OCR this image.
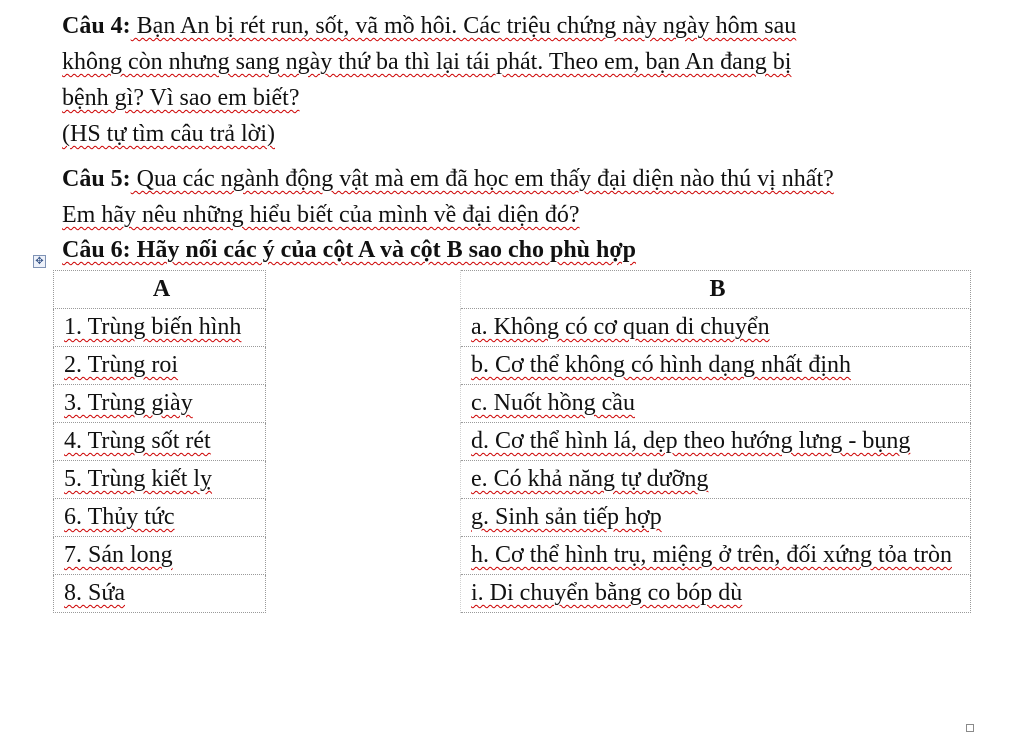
Câu 4: Bạn An bị rét run, sốt, vã mồ hôi. Các triệu chứng này ngày hôm sau
không còn nhưng sang ngày thứ ba thì lại tái phát. Theo em, bạn An đang bị
bệnh gì? Vì sao em biết?
(HS tự tìm câu trả lời)
Câu 5: Qua các ngành động vật mà em đã học em thấy đại diện nào thú vị nhất?
Em hãy nêu những hiểu biết của mình về đại diện đó?
Câu 6: Hãy nối các ý của cột A và cột B sao cho phù hợp
✥
A		B
1. Trùng biến hình		a. Không có cơ quan di chuyển
2. Trùng roi		b. Cơ thể không có hình dạng nhất định
3. Trùng giày		c. Nuốt hồng cầu
4. Trùng sốt rét		d. Cơ thể hình lá, dẹp theo hướng lưng - bụng
5. Trùng kiết lỵ		e. Có khả năng tự dưỡng
6. Thủy tức		g. Sinh sản tiếp hợp
7. Sán long		h. Cơ thể hình trụ, miệng ở trên, đối xứng tỏa tròn
8. Sứa		i. Di chuyển bằng co bóp dù
